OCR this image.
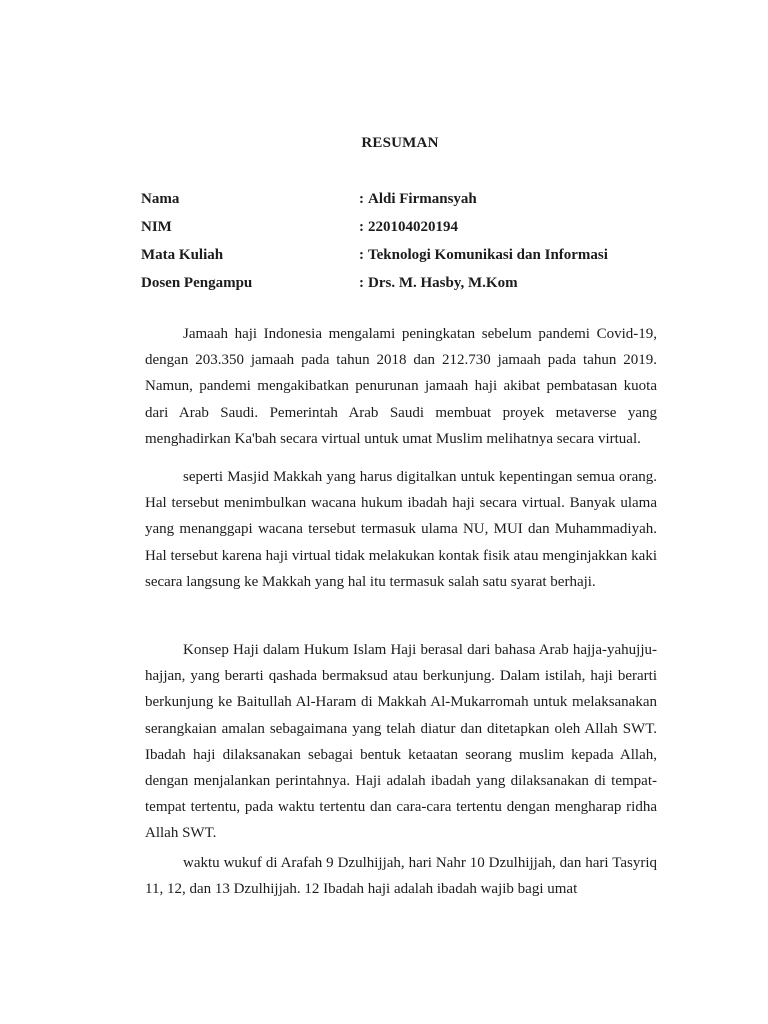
RESUMAN
Nama	: Aldi Firmansyah
NIM	: 220104020194
Mata Kuliah	: Teknologi Komunikasi dan Informasi
Dosen Pengampu	: Drs. M. Hasby, M.Kom

Jamaah haji Indonesia mengalami peningkatan sebelum pandemi Covid-19, dengan 203.350 jamaah pada tahun 2018 dan 212.730 jamaah pada tahun 2019. Namun, pandemi mengakibatkan penurunan jamaah haji akibat pembatasan kuota dari Arab Saudi. Pemerintah Arab Saudi membuat proyek metaverse yang menghadirkan Ka'bah secara virtual untuk umat Muslim melihatnya secara virtual.

seperti Masjid Makkah yang harus digitalkan untuk kepentingan semua orang. Hal tersebut menimbulkan wacana hukum ibadah haji secara virtual. Banyak ulama yang menanggapi wacana tersebut termasuk ulama NU, MUI dan Muhammadiyah. Hal tersebut karena haji virtual tidak melakukan kontak fisik atau menginjakkan kaki secara langsung ke Makkah yang hal itu termasuk salah satu syarat berhaji.

Konsep Haji dalam Hukum Islam Haji berasal dari bahasa Arab hajja-yahujju-hajjan, yang berarti qashada bermaksud atau berkunjung. Dalam istilah, haji berarti berkunjung ke Baitullah Al-Haram di Makkah Al-Mukarromah untuk melaksanakan serangkaian amalan sebagaimana yang telah diatur dan ditetapkan oleh Allah SWT. Ibadah haji dilaksanakan sebagai bentuk ketaatan seorang muslim kepada Allah, dengan menjalankan perintahnya. Haji adalah ibadah yang dilaksanakan di tempat-tempat tertentu, pada waktu tertentu dan cara-cara tertentu dengan mengharap ridha Allah SWT.

waktu wukuf di Arafah 9 Dzulhijjah, hari Nahr 10 Dzulhijjah, dan hari Tasyriq 11, 12, dan 13 Dzulhijjah. 12 Ibadah haji adalah ibadah wajib bagi umat
